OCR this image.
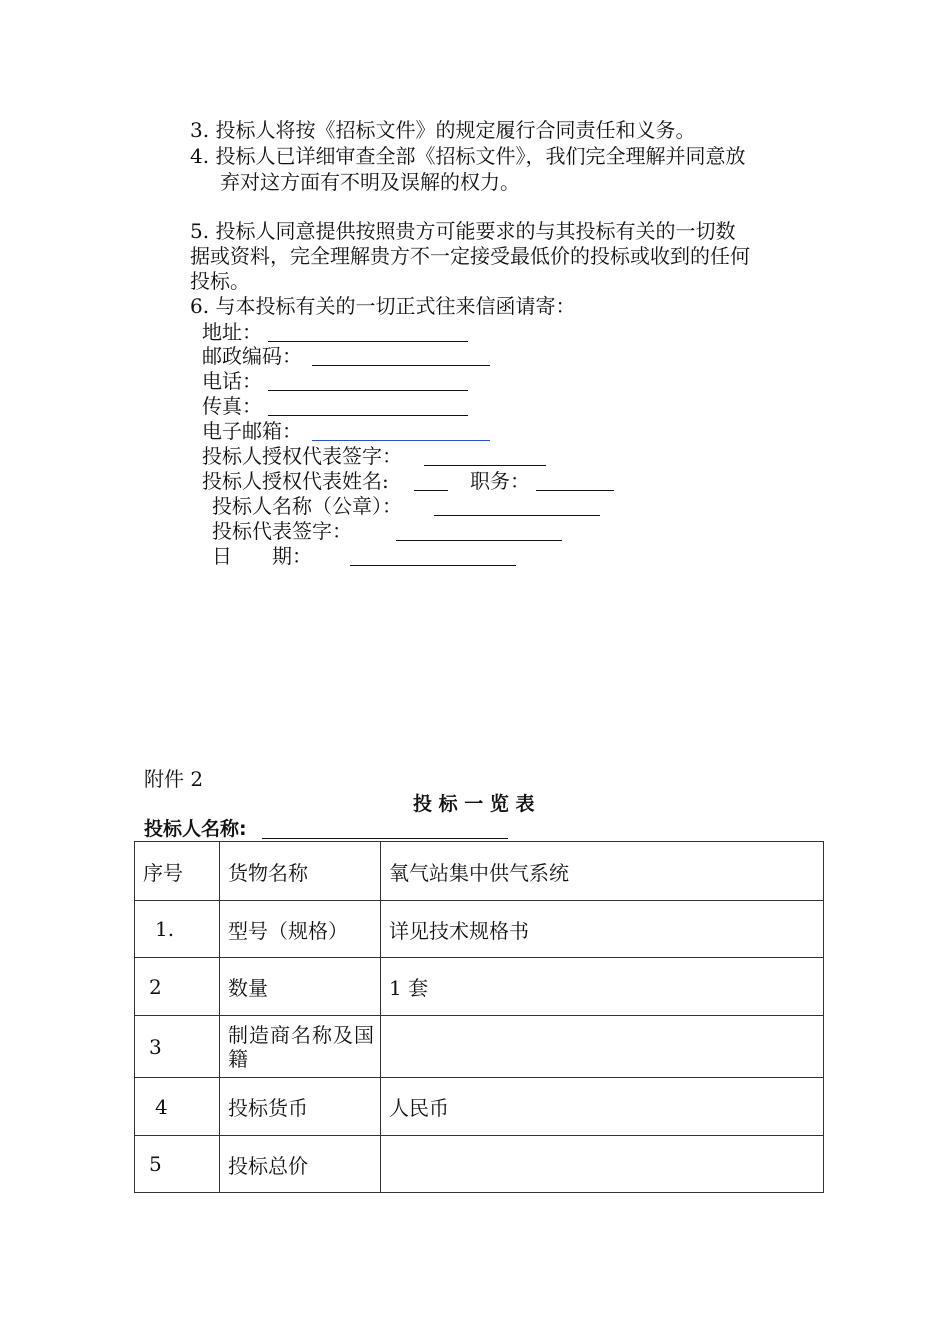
3. 投标人将按《招标文件》的规定履行合同责任和义务。
4. 投标人已详细审查全部《招标文件》，我们完全理解并同意放
弃对这方面有不明及误解的权力。
5. 投标人同意提供按照贵方可能要求的与其投标有关的一切数
据或资料，完全理解贵方不一定接受最低价的投标或收到的任何
投标。
6. 与本投标有关的一切正式往来信函请寄：
地址：
邮政编码：
电话：
传真：
电子邮箱：
投标人授权代表签字：
投标人授权代表姓名:	职务：
投标人名称（公章）：
投标代表签字：
日　　期：
附件 2
投 标 一 览 表
投标人名称:
序号	货物名称	氧气站集中供气系统
1.	型号（规格）	详见技术规格书
2	数量	1 套
3	制造商名称及国籍	
4	投标货币	人民币
5	投标总价	
